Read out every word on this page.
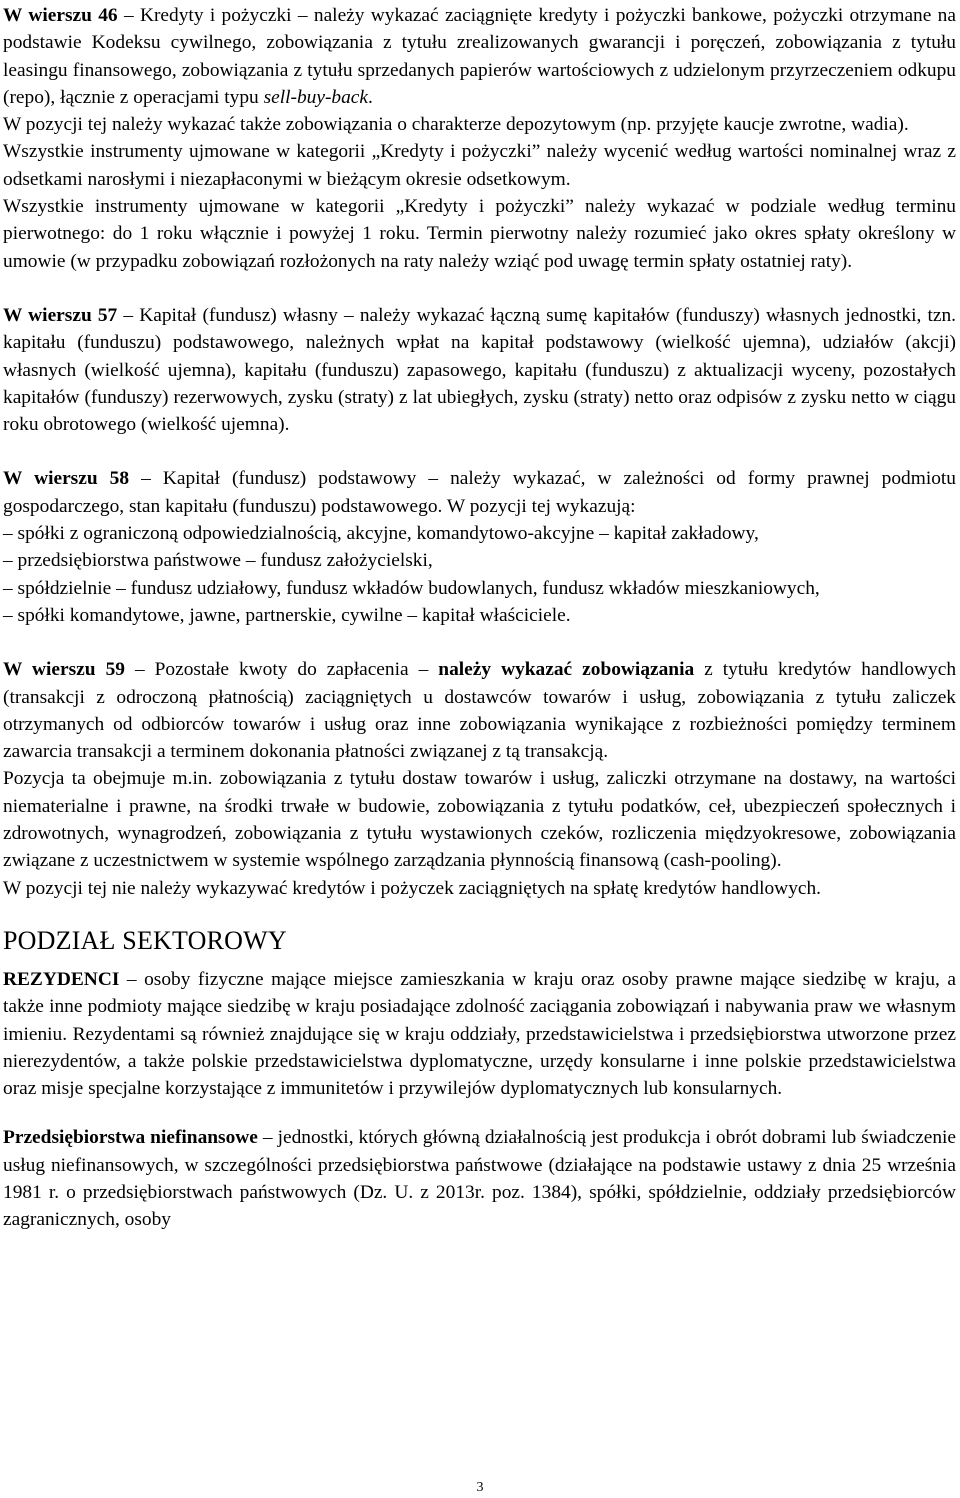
W wierszu 46 – Kredyty i pożyczki – należy wykazać zaciągnięte kredyty i pożyczki bankowe, pożyczki otrzymane na podstawie Kodeksu cywilnego, zobowiązania z tytułu zrealizowanych gwarancji i poręczeń, zobowiązania z tytułu leasingu finansowego, zobowiązania z tytułu sprzedanych papierów wartościowych z udzielonym przyrzeczeniem odkupu (repo), łącznie z operacjami typu sell-buy-back.

W pozycji tej należy wykazać także zobowiązania o charakterze depozytowym (np. przyjęte kaucje zwrotne, wadia).

Wszystkie instrumenty ujmowane w kategorii „Kredyty i pożyczki” należy wycenić według wartości nominalnej wraz z odsetkami narosłymi i niezapłaconymi w bieżącym okresie odsetkowym.

Wszystkie instrumenty ujmowane w kategorii „Kredyty i pożyczki” należy wykazać w podziale według terminu pierwotnego: do 1 roku włącznie i powyżej 1 roku. Termin pierwotny należy rozumieć jako okres spłaty określony w umowie (w przypadku zobowiązań rozłożonych na raty należy wziąć pod uwagę termin spłaty ostatniej raty).

W wierszu 57 – Kapitał (fundusz) własny – należy wykazać łączną sumę kapitałów (funduszy) własnych jednostki, tzn. kapitału (funduszu) podstawowego, należnych wpłat na kapitał podstawowy (wielkość ujemna), udziałów (akcji) własnych (wielkość ujemna), kapitału (funduszu) zapasowego, kapitału (funduszu) z aktualizacji wyceny, pozostałych kapitałów (funduszy) rezerwowych, zysku (straty) z lat ubiegłych, zysku (straty) netto oraz odpisów z zysku netto w ciągu roku obrotowego (wielkość ujemna).

W wierszu 58 – Kapitał (fundusz) podstawowy – należy wykazać, w zależności od formy prawnej podmiotu gospodarczego, stan kapitału (funduszu) podstawowego. W pozycji tej wykazują:

– spółki z ograniczoną odpowiedzialnością, akcyjne, komandytowo-akcyjne – kapitał zakładowy,

– przedsiębiorstwa państwowe – fundusz założycielski,

– spółdzielnie – fundusz udziałowy, fundusz wkładów budowlanych, fundusz wkładów mieszkaniowych,

– spółki komandytowe, jawne, partnerskie, cywilne – kapitał właściciele.

W wierszu 59 – Pozostałe kwoty do zapłacenia – należy wykazać zobowiązania z tytułu kredytów handlowych (transakcji z odroczoną płatnością) zaciągniętych u dostawców towarów i usług, zobowiązania z tytułu zaliczek otrzymanych od odbiorców towarów i usług oraz inne zobowiązania wynikające z rozbieżności pomiędzy terminem zawarcia transakcji a terminem dokonania płatności związanej z tą transakcją.

Pozycja ta obejmuje m.in. zobowiązania z tytułu dostaw towarów i usług, zaliczki otrzymane na dostawy, na wartości niematerialne i prawne, na środki trwałe w budowie, zobowiązania z tytułu podatków, ceł, ubezpieczeń społecznych i zdrowotnych, wynagrodzeń, zobowiązania z tytułu wystawionych czeków, rozliczenia międzyokresowe, zobowiązania związane z uczestnictwem w systemie wspólnego zarządzania płynnością finansową (cash-pooling).

W pozycji tej nie należy wykazywać kredytów i pożyczek zaciągniętych na spłatę kredytów handlowych.

PODZIAŁ SEKTOROWY

REZYDENCI – osoby fizyczne mające miejsce zamieszkania w kraju oraz osoby prawne mające siedzibę w kraju, a także inne podmioty mające siedzibę w kraju posiadające zdolność zaciągania zobowiązań i nabywania praw we własnym imieniu. Rezydentami są również znajdujące się w kraju oddziały, przedstawicielstwa i przedsiębiorstwa utworzone przez nierezydentów, a także polskie przedstawicielstwa dyplomatyczne, urzędy konsularne i inne polskie przedstawicielstwa oraz misje specjalne korzystające z immunitetów i przywilejów dyplomatycznych lub konsularnych.

Przedsiębiorstwa niefinansowe – jednostki, których główną działalnością jest produkcja i obrót dobrami lub świadczenie usług niefinansowych, w szczególności przedsiębiorstwa państwowe (działające na podstawie ustawy z dnia 25 września 1981 r. o przedsiębiorstwach państwowych (Dz. U. z 2013r. poz. 1384), spółki, spółdzielnie, oddziały przedsiębiorców zagranicznych, osoby

3
